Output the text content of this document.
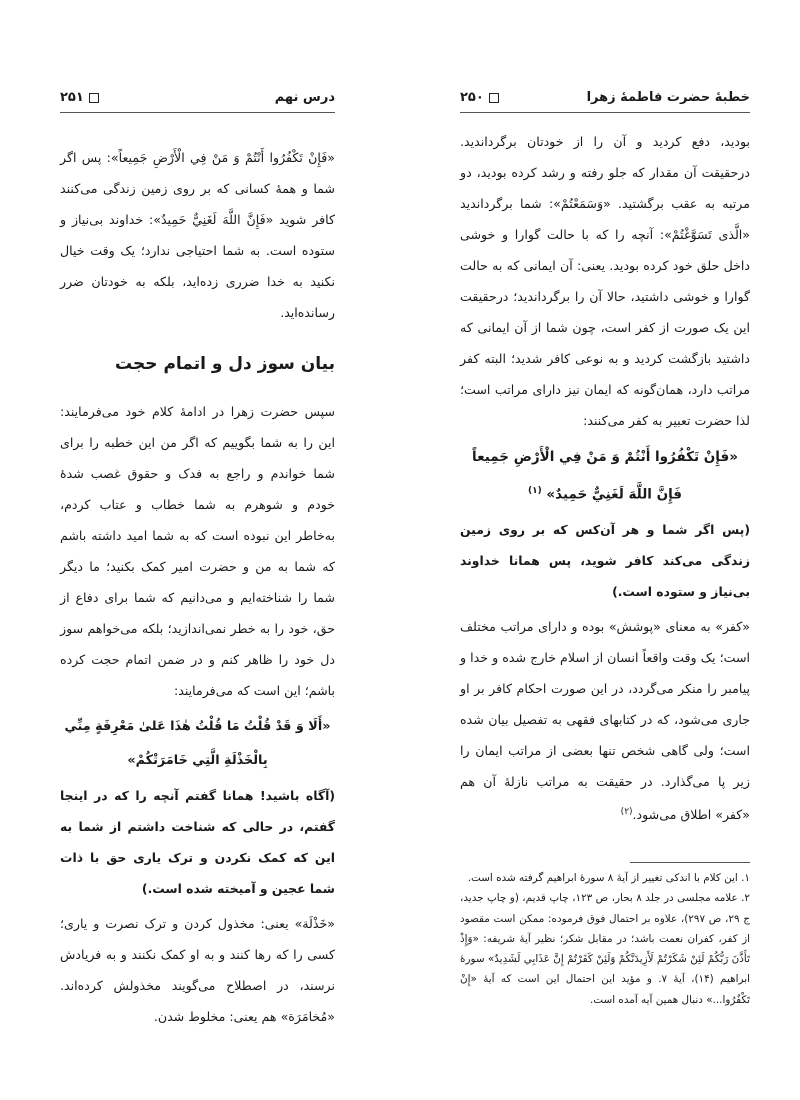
خطبهٔ حضرت فاطمهٔ زهرا
۲۵۰

بودید، دفع کردید و آن را از خودتان برگرداندید. درحقیقت آن مقدار که جلو رفته و رشد کرده بودید، دو مرتبه به عقب برگشتید. «وَسَمَعْتُمْ»: شما برگرداندید «الَّذی تَسَوَّغْتُمْ»: آنچه را که با حالت گوارا و خوشی داخل حلق خود کرده بودید. یعنی: آن ایمانی که به حالت گوارا و خوشی داشتید، حالا آن را برگرداندید؛ درحقیقت این یک صورت از کفر است، چون شما از آن ایمانی که داشتید بازگشت کردید و به نوعی کافر شدید؛ البته کفر مراتب دارد، همان‌گونه که ایمان نیز دارای مراتب است؛ لذا حضرت تعبیر به کفر می‌کنند:

«فَإِنْ تَکْفُرُوا أَنْتُمْ وَ مَنْ فِي الْأَرْضِ جَمِیعاً فَإِنَّ اللَّهَ لَغَنِيٌّ حَمِیدٌ» $^{(۱)}$

(پس اگر شما و هر آن‌کس که بر روی زمین زندگی می‌کند کافر شوید، پس همانا خداوند بی‌نیاز و ستوده است.)

«کفر» به معنای «پوشش» بوده و دارای مراتب مختلف است؛ یک وقت واقعاً انسان از اسلام خارج شده و خدا و پیامبر را منکر می‌گردد، در این صورت احکام کافر بر او جاری می‌شود، که در کتابهای فقهی به تفصیل بیان شده است؛ ولی گاهی شخص تنها بعضی از مراتب ایمان را زیر پا می‌گذارد. در حقیقت به مراتب نازلهٔ آن هم «کفر» اطلاق می‌شود.$^{(۲)}$

۱. این کلام با اندکی تغییر از آیهٔ ۸ سورهٔ ابراهیم گرفته شده است.

۲. علامه مجلسی در جلد ۸ بحار، ص ۱۲۳، چاپ قدیم، (و چاپ جدید، ج ۲۹، ص ۲۹۷)، علاوه بر احتمال فوق فرموده: ممکن است مقصود از کفر، کفران نعمت باشد؛ در مقابل شکر؛ نظیر آیهٔ شریفه: «وَإِذْ تَأَذَّنَ رَبُّکُمْ لَئِنْ شَکَرْتُمْ لَأَزِیدَنَّکُمْ وَلَئِنْ کَفَرْتُمْ إِنَّ عَذَابِي لَشَدِیدٌ» سورهٔ ابراهیم (۱۴)، آیهٔ ۷. و مؤید این احتمال این است که آیهٔ «إِنْ تَکْفُرُوا...» دنبال همین آیه آمده است.

درس نهم
۲۵۱

«فَإِنْ تَکْفُرُوا أَنْتُمْ وَ مَنْ فِي الْأَرْضِ جَمِیعاً»: پس اگر شما و همهٔ کسانی که بر روی زمین زندگی می‌کنند کافر شوید «فَإِنَّ اللَّهَ لَغَنِيٌّ حَمِیدٌ»: خداوند بی‌نیاز و ستوده است. به شما احتیاجی ندارد؛ یک وقت خیال نکنید به خدا ضرری زده‌اید، بلکه به خودتان ضرر رسانده‌اید.

بیان سوز دل و اتمام حجت

سپس حضرت زهرا در ادامهٔ کلام خود می‌فرمایند: این را به شما بگوییم که اگر من این خطبه را برای شما خواندم و راجع به فدک و حقوق غصب شدهٔ خودم و شوهرم به شما خطاب و عتاب کردم، به‌خاطر این نبوده است که به شما امید داشته باشم که شما به من و حضرت امیر کمک بکنید؛ ما دیگر شما را شناخته‌ایم و می‌دانیم که شما برای دفاع از حق، خود را به خطر نمی‌اندازید؛ بلکه می‌خواهم سوز دل خود را ظاهر کنم و در ضمن اتمام حجت کرده باشم؛ این است که می‌فرمایند:

«أَلَا وَ قَدْ قُلْتُ مَا قُلْتُ هٰذَا عَلیٰ مَعْرِفَةٍ مِنِّي بِالْخَذْلَةِ الَّتِي خَامَرَتْکُمْ»

(آگاه باشید! همانا گفتم آنچه را که در اینجا گفتم، در حالی که شناخت داشتم از شما به این که کمک نکردن و ترک یاری حق با ذات شما عجین و آمیخته شده است.)

«خَذْلَة» یعنی: مخذول کردن و ترک نصرت و یاری؛ کسی را که رها کنند و به او کمک نکنند و به فریادش نرسند، در اصطلاح می‌گویند مخذولش کرده‌اند. «مُخامَرَة» هم یعنی: مخلوط شدن.
